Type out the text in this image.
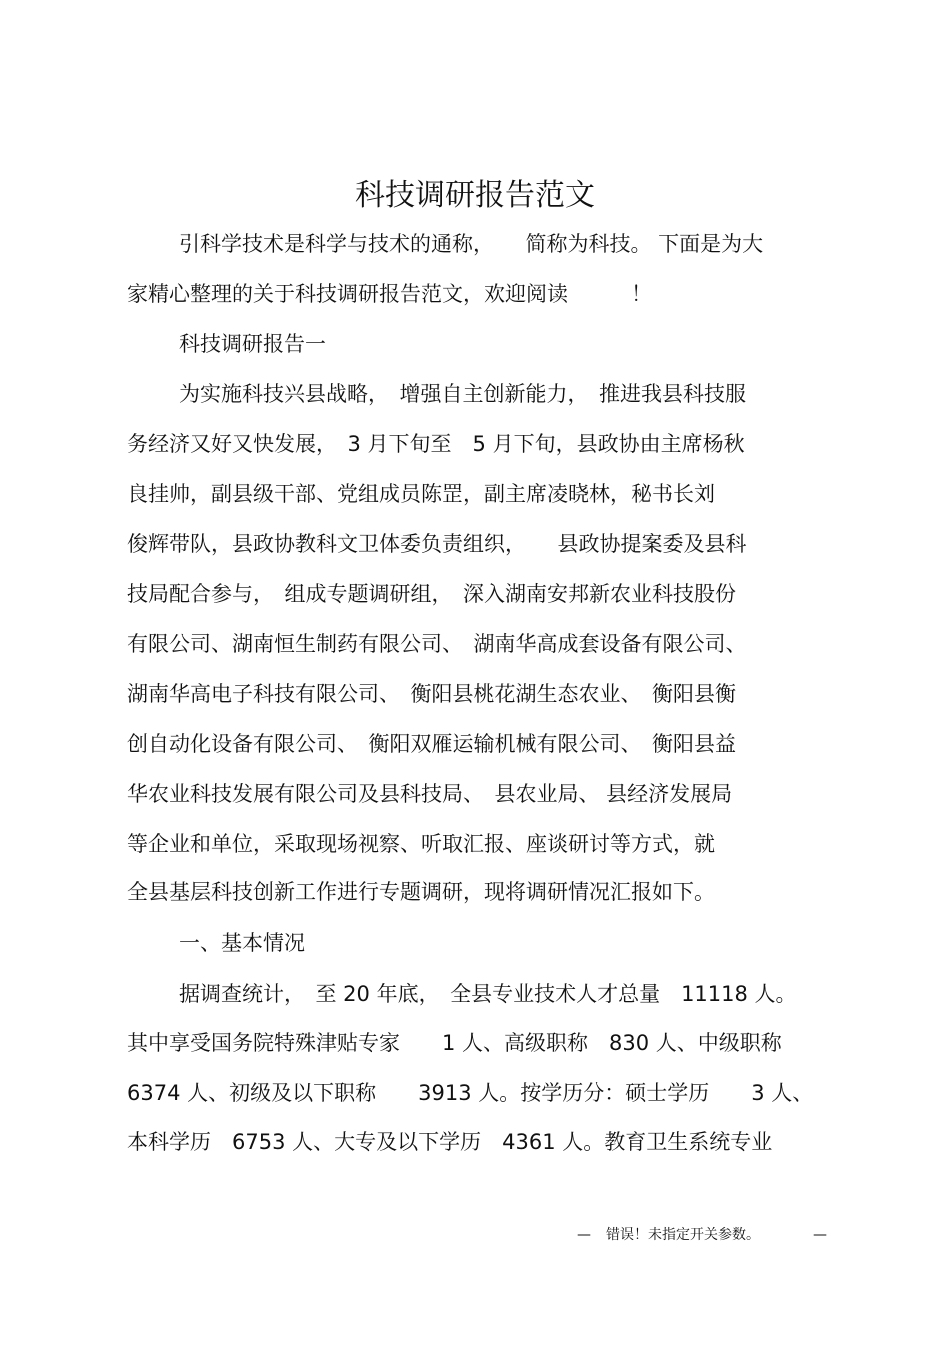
科技调研报告范文
引科学技术是科学与技术的通称，　　简称为科技。 下面是为大
家精心整理的关于科技调研报告范文，欢迎阅读　　　！
科技调研报告一
为实施科技兴县战略，　增强自主创新能力，　推进我县科技服
务经济又好又快发展，　3 月下旬至　5 月下旬，县政协由主席杨秋
良挂帅，副县级干部、党组成员陈罡，副主席凌晓林，秘书长刘
俊辉带队，县政协教科文卫体委负责组织，　　县政协提案委及县科
技局配合参与，　组成专题调研组，　深入湖南安邦新农业科技股份
有限公司、湖南恒生制药有限公司、　湖南华高成套设备有限公司、
湖南华高电子科技有限公司、　衡阳县桃花湖生态农业、　衡阳县衡
创自动化设备有限公司、　衡阳双雁运输机械有限公司、　衡阳县益
华农业科技发展有限公司及县科技局、　县农业局、 县经济发展局
等企业和单位，采取现场视察、听取汇报、座谈研讨等方式，就
全县基层科技创新工作进行专题调研，现将调研情况汇报如下。
一、基本情况
据调查统计，　至 20 年底，　全县专业技术人才总量　11118 人。
其中享受国务院特殊津贴专家　　1 人、高级职称　830 人、中级职称
6374 人、初级及以下职称　　3913 人。按学历分：硕士学历　　3 人、
本科学历　6753 人、大专及以下学历　4361 人。教育卫生系统专业
— 错误！未指定开关参数。	—
